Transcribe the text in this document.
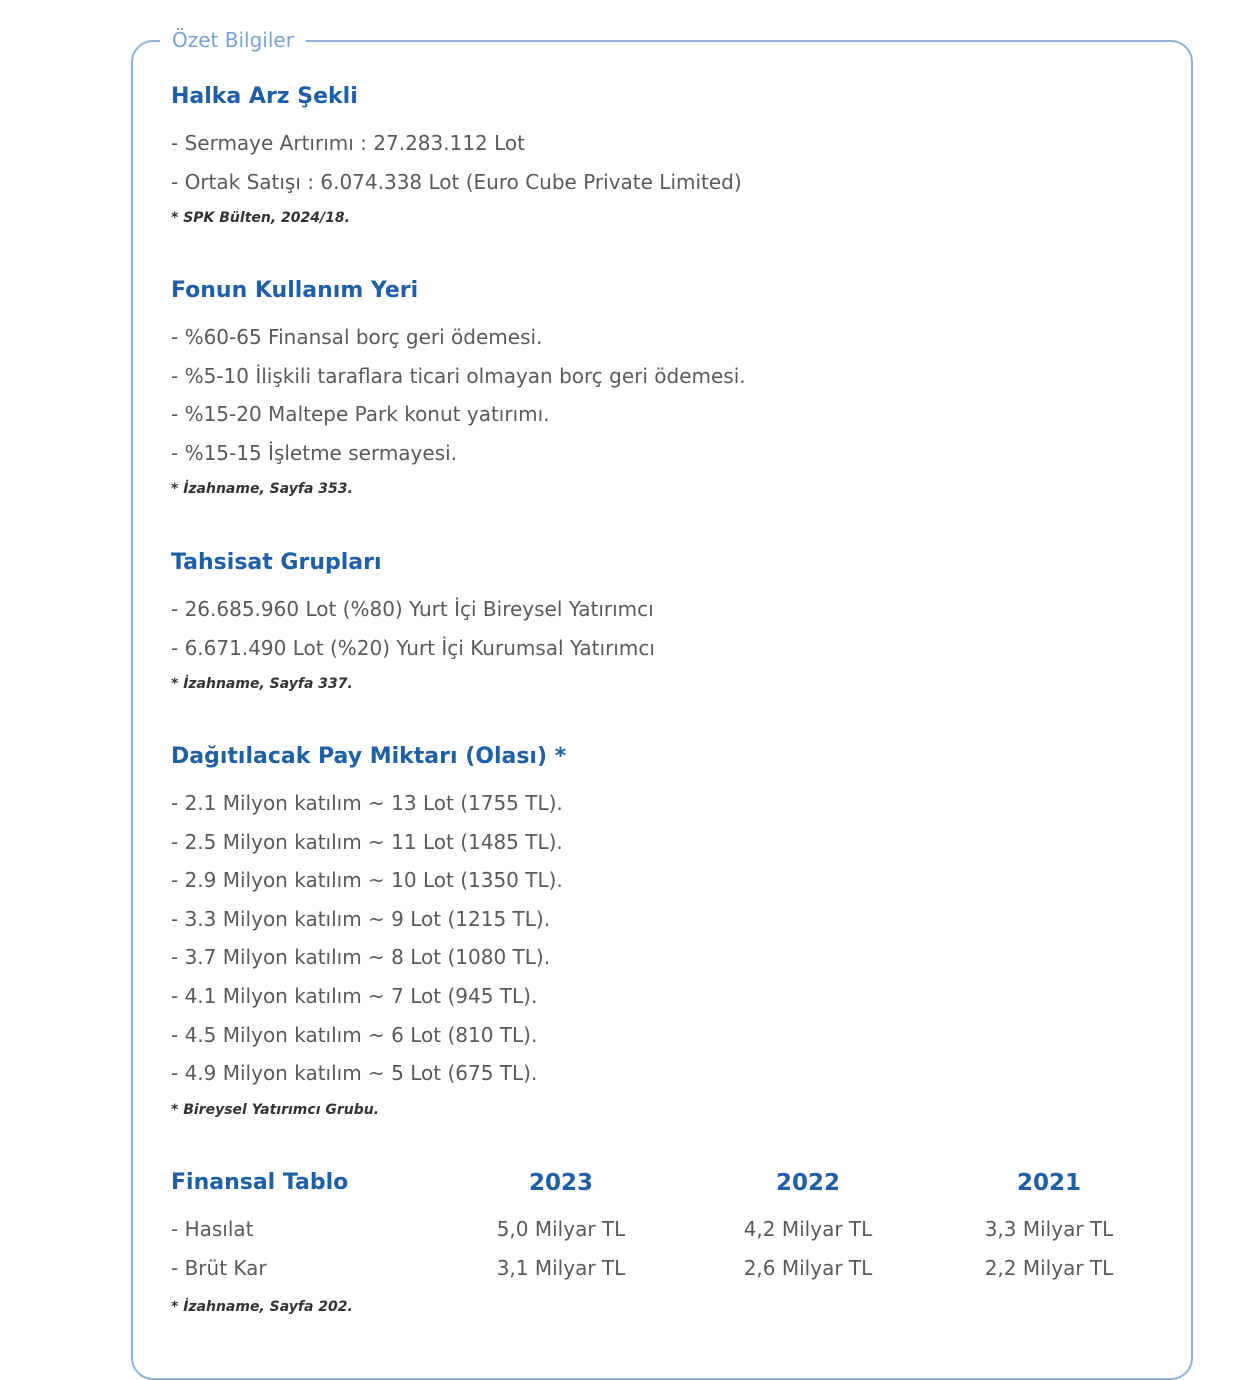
Özet Bilgiler
Halka Arz Şekli
- Sermaye Artırımı : 27.283.112 Lot
- Ortak Satışı : 6.074.338 Lot (Euro Cube Private Limited)
* SPK Bülten, 2024/18.
Fonun Kullanım Yeri
- %60-65 Finansal borç geri ödemesi.
- %5-10 İlişkili taraflara ticari olmayan borç geri ödemesi.
- %15-20 Maltepe Park konut yatırımı.
- %15-15 İşletme sermayesi.
* İzahname, Sayfa 353.
Tahsisat Grupları
- 26.685.960 Lot (%80) Yurt İçi Bireysel Yatırımcı
- 6.671.490 Lot (%20) Yurt İçi Kurumsal Yatırımcı
* İzahname, Sayfa 337.
Dağıtılacak Pay Miktarı (Olası) *
- 2.1 Milyon katılım ~ 13 Lot (1755 TL).
- 2.5 Milyon katılım ~ 11 Lot (1485 TL).
- 2.9 Milyon katılım ~ 10 Lot (1350 TL).
- 3.3 Milyon katılım ~ 9 Lot (1215 TL).
- 3.7 Milyon katılım ~ 8 Lot (1080 TL).
- 4.1 Milyon katılım ~ 7 Lot (945 TL).
- 4.5 Milyon katılım ~ 6 Lot (810 TL).
- 4.9 Milyon katılım ~ 5 Lot (675 TL).
* Bireysel Yatırımcı Grubu.
Finansal Tablo	2023	2022	2021
- Hasılat	5,0 Milyar TL	4,2 Milyar TL	3,3 Milyar TL
- Brüt Kar	3,1 Milyar TL	2,6 Milyar TL	2,2 Milyar TL
* İzahname, Sayfa 202.
